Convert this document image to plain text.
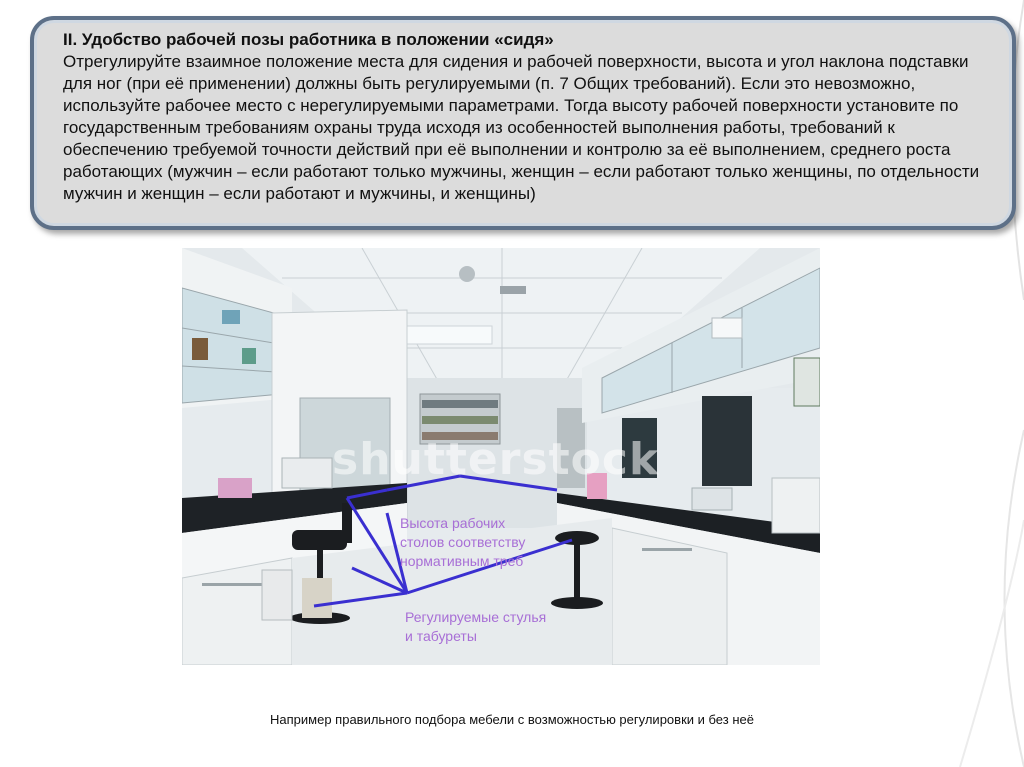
II. Удобство рабочей позы работника в положении «сидя»
Отрегулируйте взаимное положение места для сидения и рабочей поверхности, высота и угол наклона подставки для ног (при её применении) должны быть регулируемыми (п. 7 Общих требований). Если это невозможно, используйте рабочее место с нерегулируемыми параметрами. Тогда высоту рабочей поверхности установите по государственным требованиям охраны труда исходя из особенностей выполнения работы, требований к обеспечению требуемой точности действий при её выполнении и контролю за её выполнением, среднего роста работающих (мужчин – если работают только мужчины, женщин – если работают только женщины, по отдельности мужчин и женщин – если работают и мужчины, и женщины)
shutterstock
Высота рабочих
столов соответству
нормативным треб
Регулируемые стулья
и табуреты
Например правильного подбора мебели с возможностью регулировки и без неё
